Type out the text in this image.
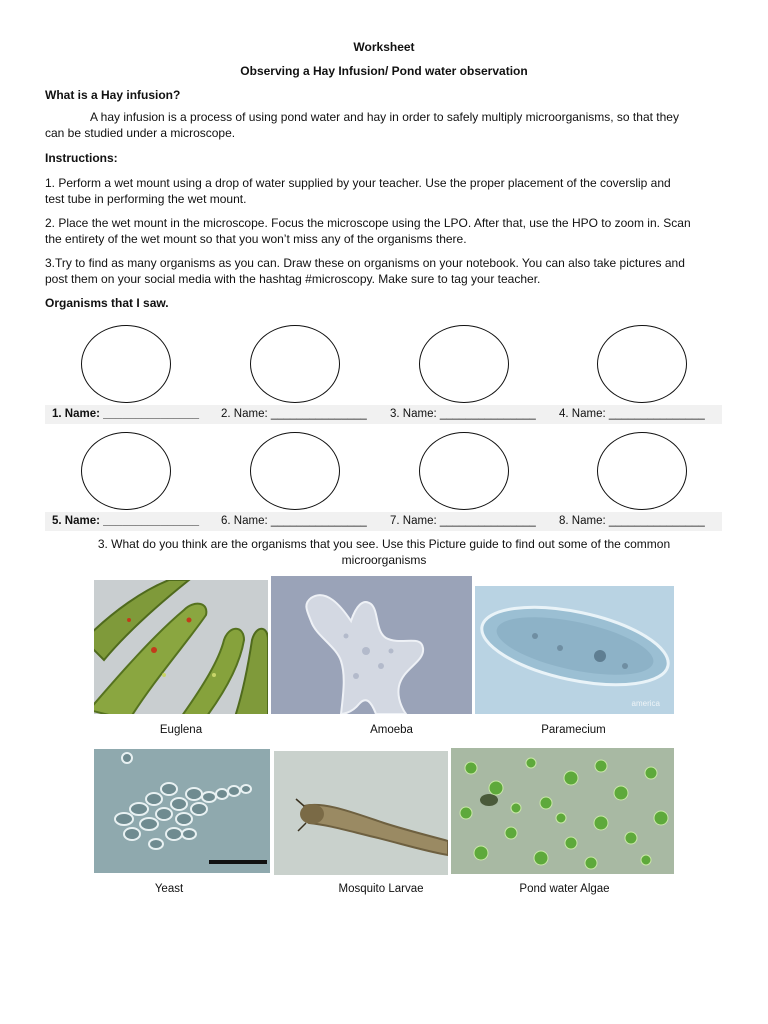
Worksheet
Observing a Hay Infusion/ Pond water observation
What is a Hay infusion?
A hay infusion is a process of using pond water and hay in order to safely multiply microorganisms, so that they
can be studied under a microscope.
Instructions:
1. Perform a wet mount using a drop of water supplied by your teacher. Use the proper placement of the coverslip and
test tube in performing the wet mount.
2. Place the wet mount in the microscope. Focus the microscope using the LPO. After that, use the HPO to zoom in. Scan
the entirety of the wet mount so that you won’t miss any of the organisms there.
3.Try to find as many organisms as you can. Draw these on organisms on your notebook. You can also take pictures and
post them on your social media with the hashtag #microscopy. Make sure to tag your teacher.
Organisms that I saw.
1. Name: _______________ 2. Name: _______________ 3. Name: _______________ 4. Name: _______________
5. Name: _______________ 6. Name: _______________ 7. Name: _______________ 8. Name: _______________
3. What do you think are the organisms that you see. Use this Picture guide to find out some of the common
microorganisms
Euglena	Amoeba
america
Paramecium
Yeast	Mosquito Larvae	Pond water Algae
